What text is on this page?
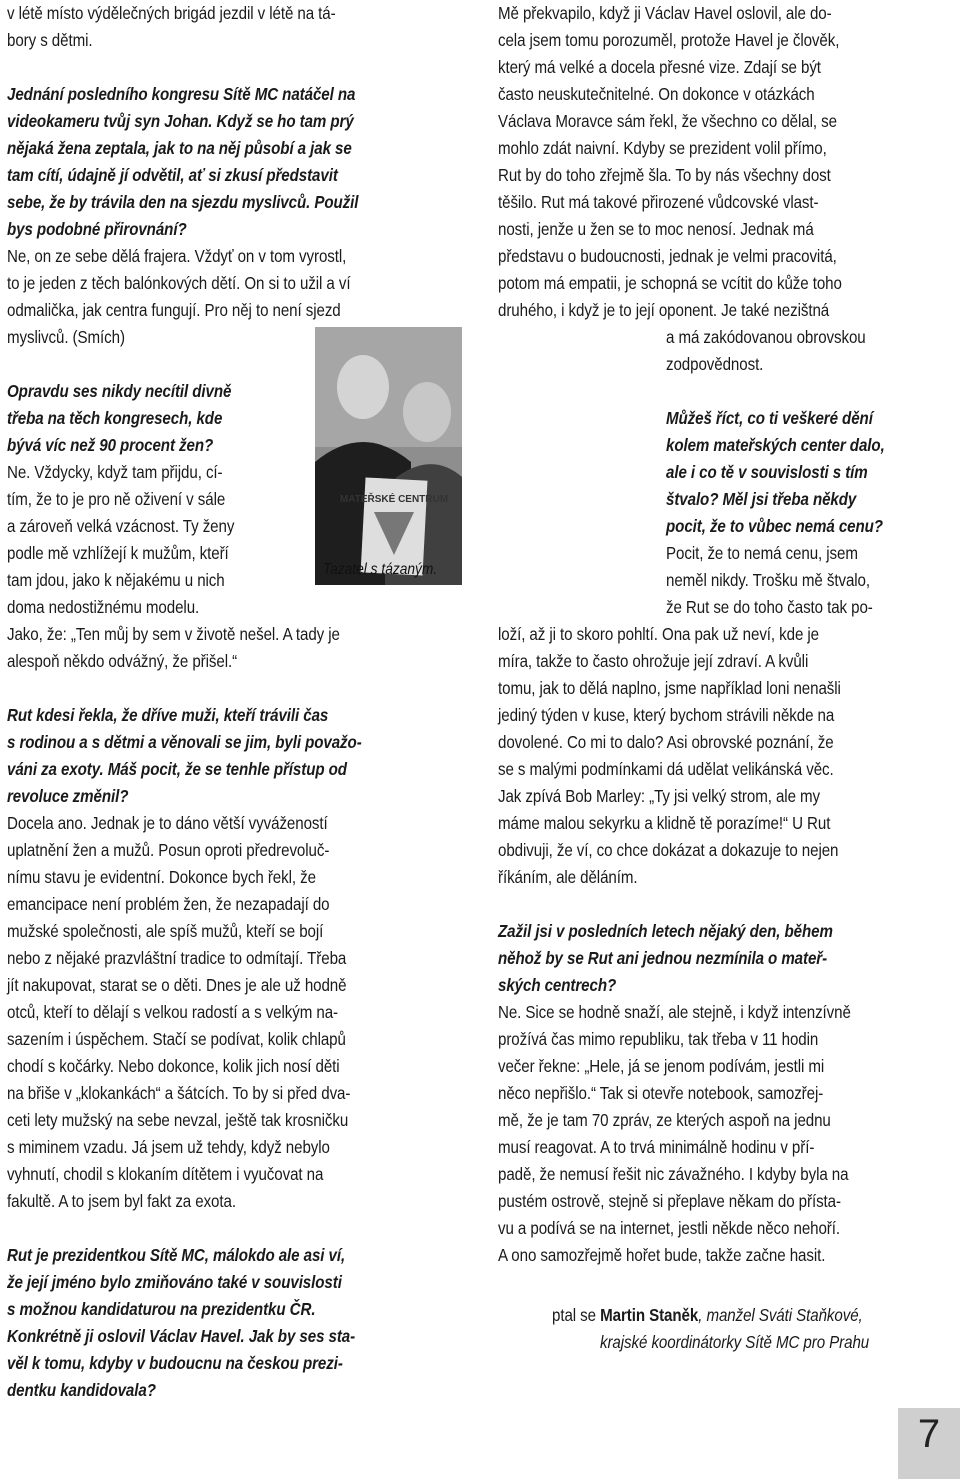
v létě místo výdělečných brigád jezdil v létě na tá-
bory s dětmi.
Jednání posledního kongresu Sítě MC natáčel na
videokameru tvůj syn Johan. Když se ho tam prý
nějaká žena zeptala, jak to na něj působí a jak se
tam cítí, údajně jí odvětil, ať si zkusí představit
sebe, že by trávila den na sjezdu myslivců. Použil
bys podobné přirovnání?
Ne, on ze sebe dělá frajera. Vždyť on v tom vyrostl,
to je jeden z těch balónkových dětí. On si to užil a ví
odmalička, jak centra fungují. Pro něj to není sjezd
myslivců. (Smích)
Opravdu ses nikdy necítil divně
třeba na těch kongresech, kde
bývá víc než 90 procent žen?
Ne. Vždycky, když tam přijdu, cí-
tím, že to je pro ně oživení v sále
a zároveň velká vzácnost. Ty ženy
podle mě vzhlížejí k mužům, kteří
tam jdou, jako k nějakému u nich
doma nedostižnému modelu.
Jako, že: „Ten můj by sem v životě nešel. A tady je
alespoň někdo odvážný, že přišel.“
Rut kdesi řekla, že dříve muži, kteří trávili čas
s rodinou a s dětmi a věnovali se jim, byli považo-
váni za exoty. Máš pocit, že se tenhle přístup od
revoluce změnil?
Docela ano. Jednak je to dáno větší vyvážeností
uplatnění žen a mužů. Posun oproti předrevoluč-
nímu stavu je evidentní. Dokonce bych řekl, že
emancipace není problém žen, že nezapadají do
mužské společnosti, ale spíš mužů, kteří se bojí
nebo z nějaké prazvláštní tradice to odmítají. Třeba
jít nakupovat, starat se o děti. Dnes je ale už hodně
otců, kteří to dělají s velkou radostí a s velkým na-
sazením i úspěchem. Stačí se podívat, kolik chlapů
chodí s kočárky. Nebo dokonce, kolik jich nosí děti
na břiše v „klokankách“ a šátcích. To by si před dva-
ceti lety mužský na sebe nevzal, ještě tak krosničku
s miminem vzadu. Já jsem už tehdy, když nebylo
vyhnutí, chodil s klokaním dítětem i vyučovat na
fakultě. A to jsem byl fakt za exota.
Rut je prezidentkou Sítě MC, málokdo ale asi ví,
že její jméno bylo zmiňováno také v souvislosti
s možnou kandidaturou na prezidentku ČR.
Konkrétně ji oslovil Václav Havel. Jak by ses sta-
věl k tomu, kdyby v budoucnu na českou prezi-
dentku kandidovala?
Mě překvapilo, když ji Václav Havel oslovil, ale do-
cela jsem tomu porozuměl, protože Havel je člověk,
který má velké a docela přesné vize. Zdají se být
často neuskutečnitelné. On dokonce v otázkách
Václava Moravce sám řekl, že všechno co dělal, se
mohlo zdát naivní. Kdyby se prezident volil přímo,
Rut by do toho zřejmě šla. To by nás všechny dost
těšilo. Rut má takové přirozené vůdcovské vlast-
nosti, jenže u žen se to moc nenosí. Jednak má
představu o budoucnosti, jednak je velmi pracovitá,
potom má empatii, je schopná se vcítit do kůže toho
druhého, i když je to její oponent. Je také nezištná
a má zakódovanou obrovskou
zodpovědnost.
Můžeš říct, co ti veškeré dění
kolem mateřských center dalo,
ale i co tě v souvislosti s tím
štvalo? Měl jsi třeba někdy
pocit, že to vůbec nemá cenu?
Pocit, že to nemá cenu, jsem
neměl nikdy. Trošku mě štvalo,
že Rut se do toho často tak po-
loží, až ji to skoro pohltí. Ona pak už neví, kde je
míra, takže to často ohrožuje její zdraví. A kvůli
tomu, jak to dělá naplno, jsme například loni nenašli
jediný týden v kuse, který bychom strávili někde na
dovolené. Co mi to dalo? Asi obrovské poznání, že
se s malými podmínkami dá udělat velikánská věc.
Jak zpívá Bob Marley: „Ty jsi velký strom, ale my
máme malou sekyrku a klidně tě porazíme!“ U Rut
obdivuji, že ví, co chce dokázat a dokazuje to nejen
říkáním, ale děláním.
Zažil jsi v posledních letech nějaký den, během
něhož by se Rut ani jednou nezmínila o mateř-
ských centrech?
Ne. Sice se hodně snaží, ale stejně, i když intenzívně
prožívá čas mimo republiku, tak třeba v 11 hodin
večer řekne: „Hele, já se jenom podívám, jestli mi
něco nepřišlo.“ Tak si otevře notebook, samozřej-
mě, že je tam 70 zpráv, ze kterých aspoň na jednu
musí reagovat. A to trvá minimálně hodinu v pří-
padě, že nemusí řešit nic závažného. I kdyby byla na
pustém ostrově, stejně si přeplave někam do přísta-
vu a podívá se na internet, jestli někde něco nehoří.
A ono samozřejmě hořet bude, takže začne hasit.
MATEŘSKÉ CENTRUM
Tazatel s tázaným.
ptal se Martin Staněk, manžel Sváti Staňkové,
krajské koordinátorky Sítě MC pro Prahu
7
